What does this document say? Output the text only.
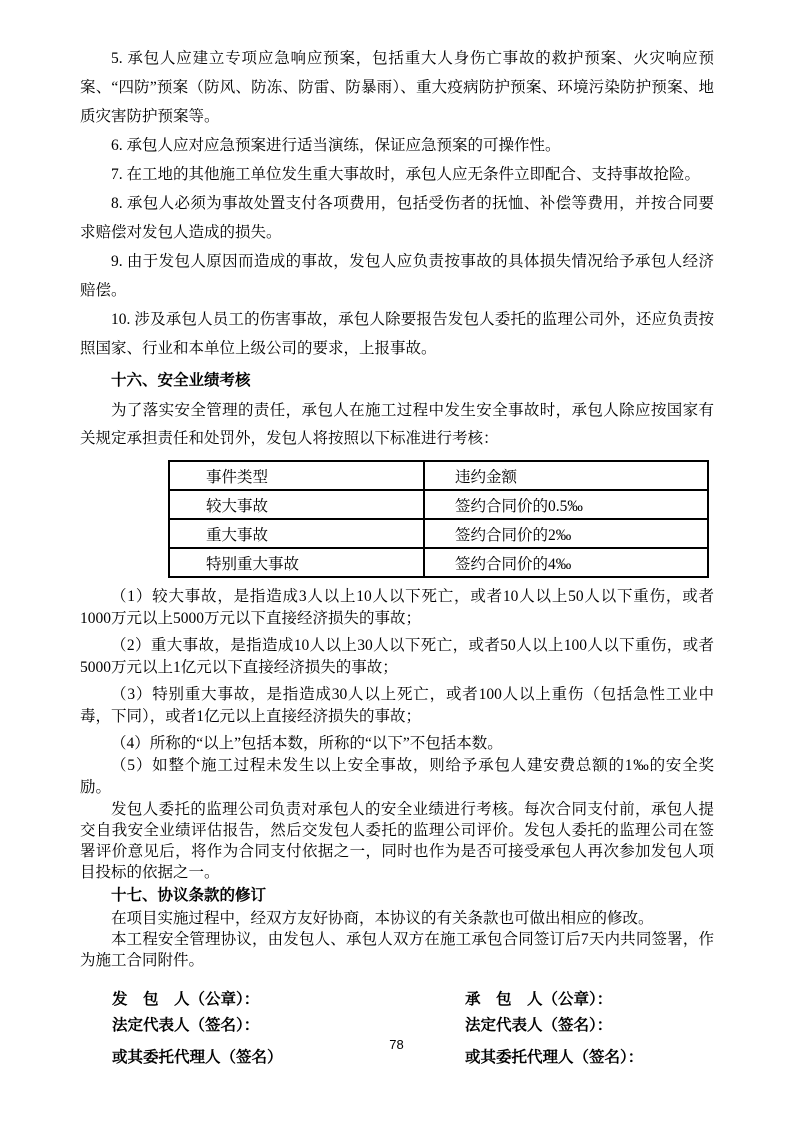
5. 承包人应建立专项应急响应预案，包括重大人身伤亡事故的救护预案、火灾响应预案、“四防”预案（防风、防冻、防雷、防暴雨）、重大疫病防护预案、环境污染防护预案、地质灾害防护预案等。

6. 承包人应对应急预案进行适当演练，保证应急预案的可操作性。

7. 在工地的其他施工单位发生重大事故时，承包人应无条件立即配合、支持事故抢险。

8. 承包人必须为事故处置支付各项费用，包括受伤者的抚恤、补偿等费用，并按合同要求赔偿对发包人造成的损失。

9. 由于发包人原因而造成的事故，发包人应负责按事故的具体损失情况给予承包人经济赔偿。

10. 涉及承包人员工的伤害事故，承包人除要报告发包人委托的监理公司外，还应负责按照国家、行业和本单位上级公司的要求，上报事故。

十六、安全业绩考核

为了落实安全管理的责任，承包人在施工过程中发生安全事故时，承包人除应按国家有关规定承担责任和处罚外，发包人将按照以下标准进行考核：

事件类型	违约金额
较大事故	签约合同价的0.5‰
重大事故	签约合同价的2‰
特别重大事故	签约合同价的4‰

（1）较大事故，是指造成3人以上10人以下死亡，或者10人以上50人以下重伤，或者1000万元以上5000万元以下直接经济损失的事故；

（2）重大事故，是指造成10人以上30人以下死亡，或者50人以上100人以下重伤，或者5000万元以上1亿元以下直接经济损失的事故；

（3）特别重大事故，是指造成30人以上死亡，或者100人以上重伤（包括急性工业中毒，下同），或者1亿元以上直接经济损失的事故；

（4）所称的“以上”包括本数，所称的“以下”不包括本数。

（5）如整个施工过程未发生以上安全事故，则给予承包人建安费总额的1‰的安全奖励。

发包人委托的监理公司负责对承包人的安全业绩进行考核。每次合同支付前，承包人提交自我安全业绩评估报告，然后交发包人委托的监理公司评价。发包人委托的监理公司在签署评价意见后，将作为合同支付依据之一，同时也作为是否可接受承包人再次参加发包人项目投标的依据之一。

十七、协议条款的修订

在项目实施过程中，经双方友好协商，本协议的有关条款也可做出相应的修改。

本工程安全管理协议，由发包人、承包人双方在施工承包合同签订后7天内共同签署，作为施工合同附件。

发　包　人（公章）：	承　包　人（公章）：
法定代表人（签名）：	法定代表人（签名）：
或其委托代理人（签名）	或其委托代理人（签名）：
78
